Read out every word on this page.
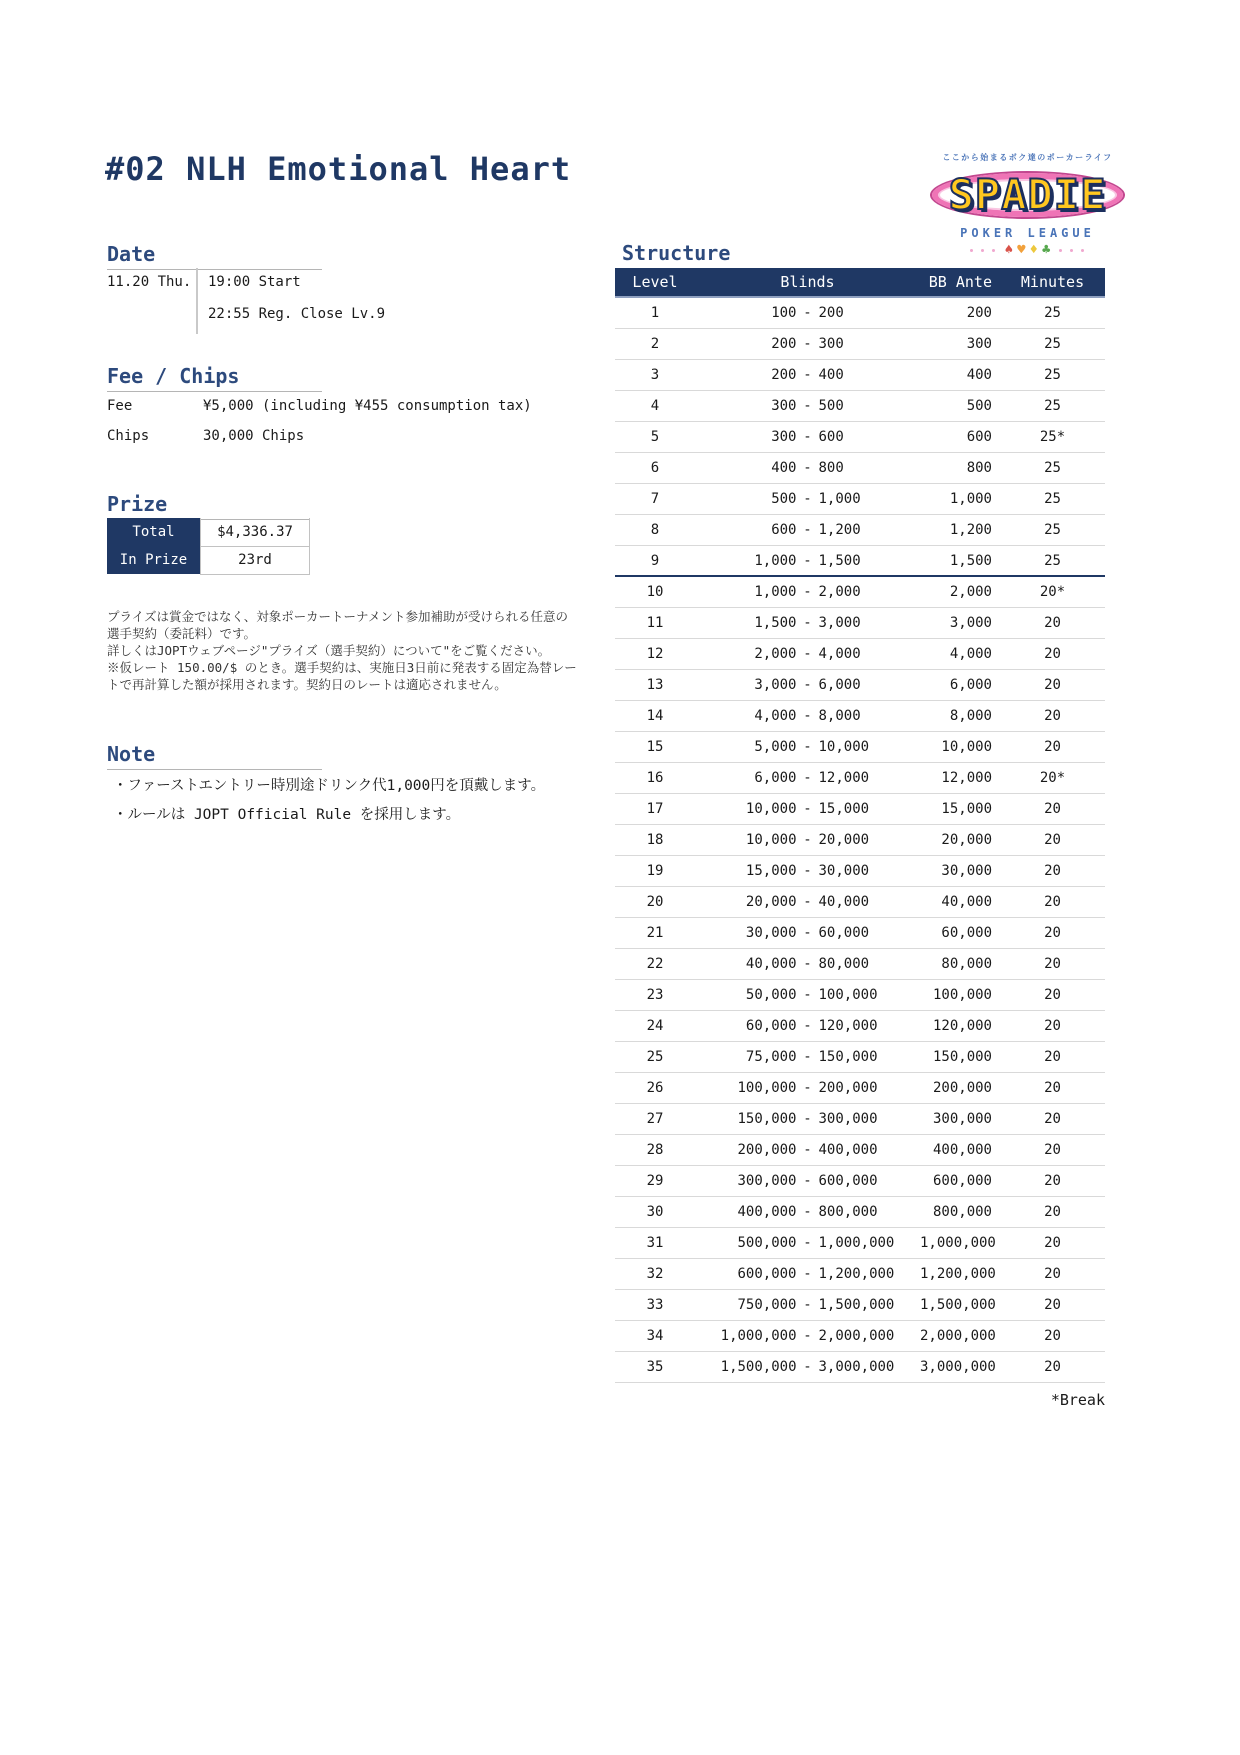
#02 NLH Emotional Heart	ここから始まるボク達のポーカーライフ
SPADIE
POKER LEAGUE
♠ ♥ ♦ ♣
Date
11.20 Thu. 19:00 Start
22:55 Reg. Close Lv.9
Fee / Chips
Fee	¥5,000 (including ¥455 consumption tax)
Chips	30,000 Chips
Prize
Total	$4,336.37
In Prize	23rd
プライズは賞金ではなく、対象ポーカートーナメント参加補助が受けられる任意の
選手契約（委託料）です。
詳しくはJOPTウェブページ"プライズ（選手契約）について"をご覧ください。
※仮レート 150.00/$ のとき。選手契約は、実施日3日前に発表する固定為替レー
トで再計算した額が採用されます。契約日のレートは適応されません。
Note
・ファーストエントリー時別途ドリンク代1,000円を頂戴します。
・ルールは JOPT Official Rule を採用します。
Structure
Level	Blinds	BB Ante	Minutes
1	100 - 200	200	25
2	200 - 300	300	25
3	200 - 400	400	25
4	300 - 500	500	25
5	300 - 600	600	25*
6	400 - 800	800	25
7	500 - 1,000	1,000	25
8	600 - 1,200	1,200	25
9	1,000 - 1,500	1,500	25
10	1,000 - 2,000	2,000	20*
11	1,500 - 3,000	3,000	20
12	2,000 - 4,000	4,000	20
13	3,000 - 6,000	6,000	20
14	4,000 - 8,000	8,000	20
15	5,000 - 10,000	10,000	20
16	6,000 - 12,000	12,000	20*
17	10,000 - 15,000	15,000	20
18	10,000 - 20,000	20,000	20
19	15,000 - 30,000	30,000	20
20	20,000 - 40,000	40,000	20
21	30,000 - 60,000	60,000	20
22	40,000 - 80,000	80,000	20
23	50,000 - 100,000	100,000	20
24	60,000 - 120,000	120,000	20
25	75,000 - 150,000	150,000	20
26	100,000 - 200,000	200,000	20
27	150,000 - 300,000	300,000	20
28	200,000 - 400,000	400,000	20
29	300,000 - 600,000	600,000	20
30	400,000 - 800,000	800,000	20
31	500,000 - 1,000,000	1,000,000	20
32	600,000 - 1,200,000	1,200,000	20
33	750,000 - 1,500,000	1,500,000	20
34	1,000,000 - 2,000,000	2,000,000	20
35	1,500,000 - 3,000,000	3,000,000	20
*Break
